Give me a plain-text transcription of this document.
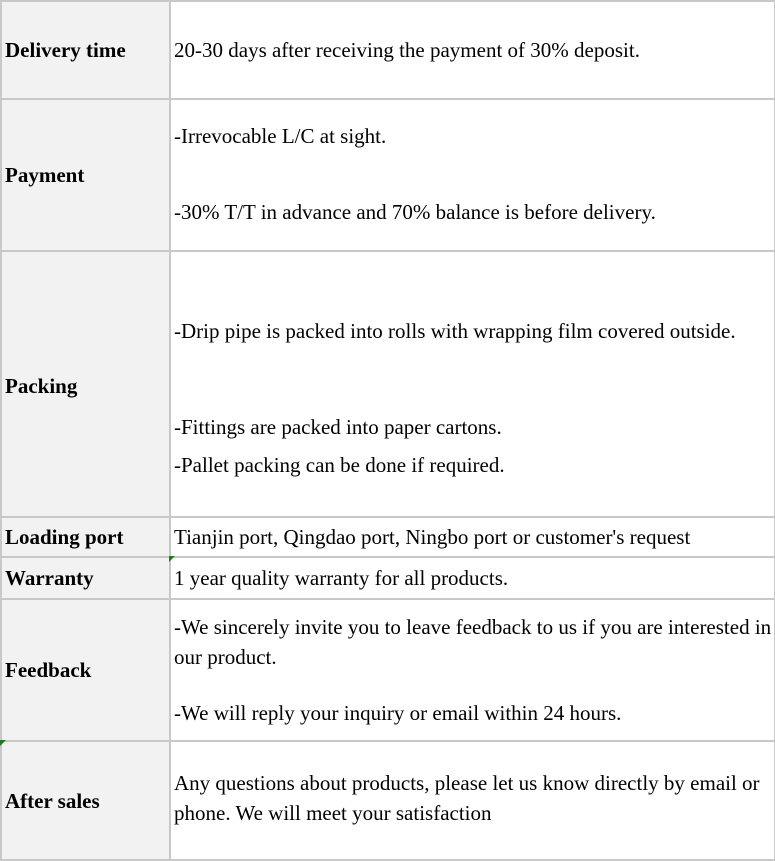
Delivery time	20-30 days after receiving the payment of 30% deposit.

Payment	-Irrevocable L/C at sight.
-30% T/T in advance and 70% balance is before delivery.

Packing	-Drip pipe is packed into rolls with wrapping film covered outside.
-Fittings are packed into paper cartons.
-Pallet packing can be done if required.

Loading port	Tianjin port, Qingdao port, Ningbo port or customer's request

Warranty	1 year quality warranty for all products.

Feedback	-We sincerely invite you to leave feedback to us if you are interested in our product.
-We will reply your inquiry or email within 24 hours.

After sales	Any questions about products, please let us know directly by email or phone. We will meet your satisfaction
